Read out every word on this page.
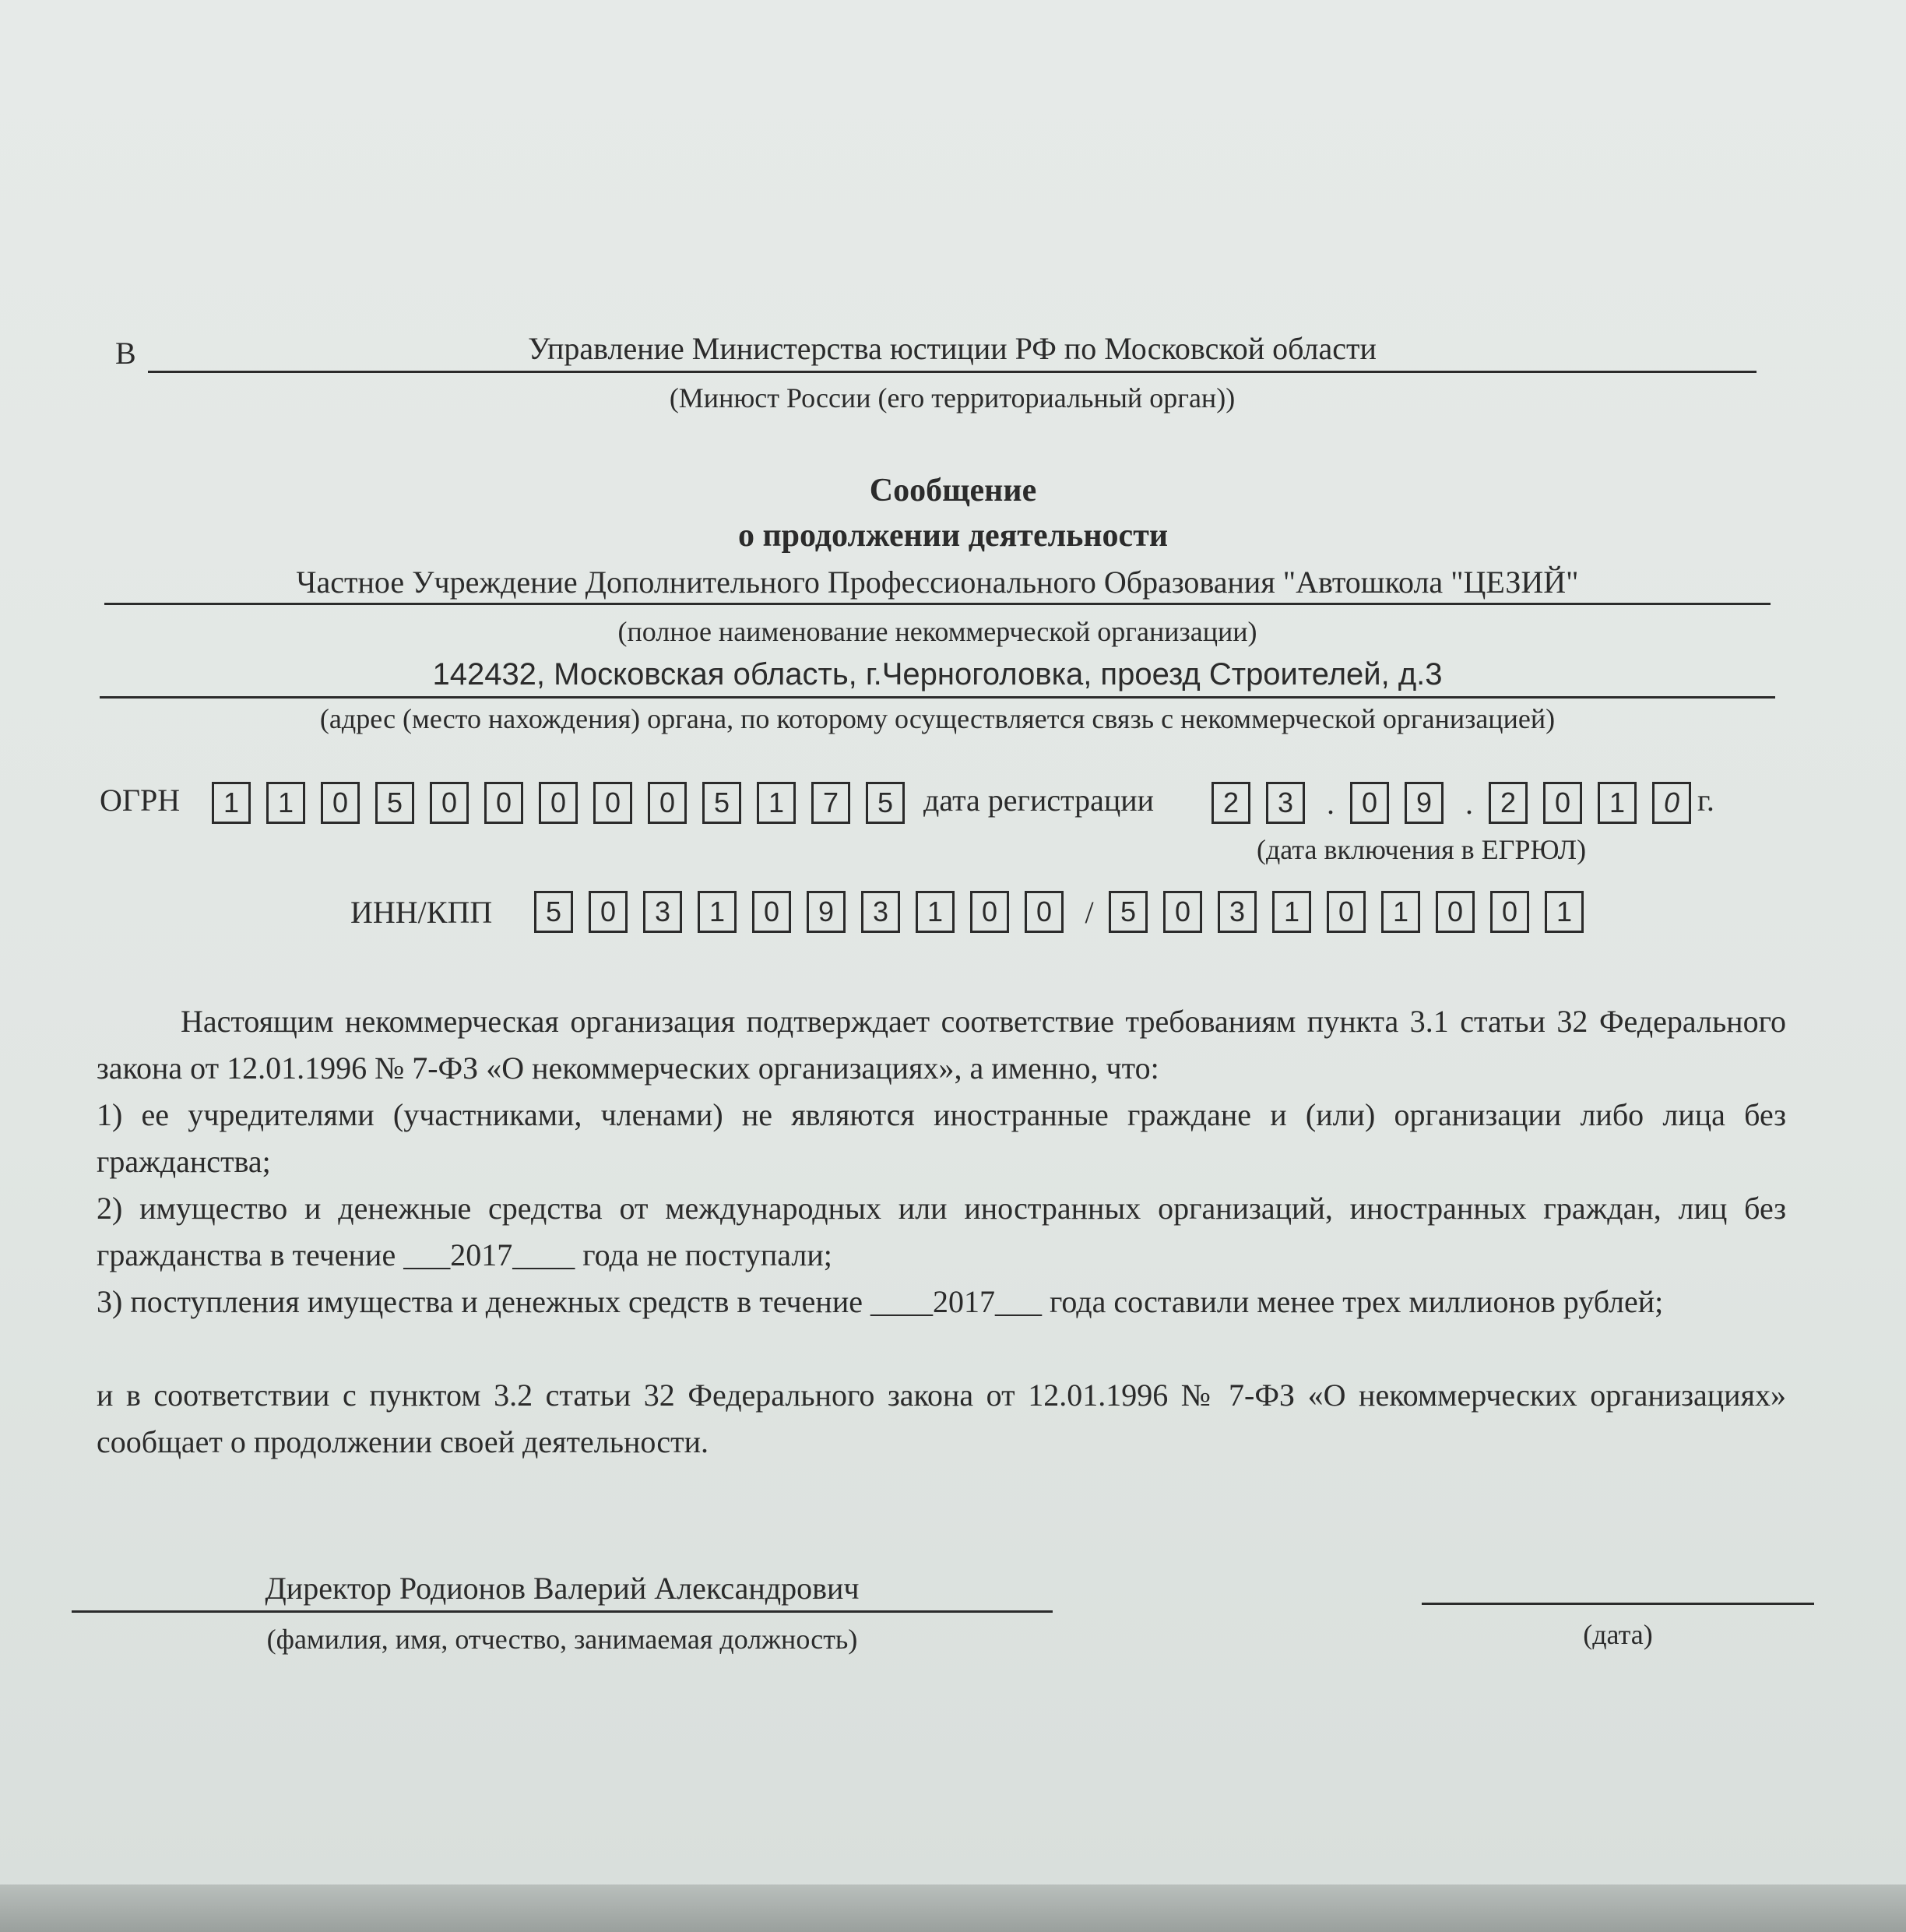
В	Управление Министерства юстиции РФ по Московской области
(Минюст России (его территориальный орган))
Сообщение
о продолжении деятельности
Частное Учреждение Дополнительного Профессионального Образования "Автошкола "ЦЕЗИЙ"
(полное наименование некоммерческой организации)
142432, Московская область, г.Черноголовка, проезд Строителей, д.3
(адрес (место нахождения) органа, по которому осуществляется связь с некоммерческой организацией)
ОГРН	1	1	0	5	0	0	0	0	0	5	1	7	5 дата регистрации	2	3	. 0	9	. 2	0	1	0 г.
(дата включения в ЕГРЮЛ)
ИНН/КПП	5	0	3	1	0	9	3	1	0	0	/ 5	0	3	1	0	1	0	0	1
Настоящим некоммерческая организация подтверждает соответствие требованиям пункта 3.1 статьи 32 Федерального закона от 12.01.1996 № 7-ФЗ «О некоммерческих организациях», а именно, что:
1) ее учредителями (участниками, членами) не являются иностранные граждане и (или) организации либо лица без гражданства;
2) имущество и денежные средства от международных или иностранных организаций, иностранных граждан, лиц без гражданства в течение ___2017____ года не поступали;
3) поступления имущества и денежных средств в течение ____2017___ года составили менее трех миллионов рублей;
и в соответствии с пунктом 3.2 статьи 32 Федерального закона от 12.01.1996 № 7-ФЗ «О некоммерческих организациях» сообщает о продолжении своей деятельности.
Директор Родионов Валерий Александрович
(фамилия, имя, отчество, занимаемая должность)	(дата)
